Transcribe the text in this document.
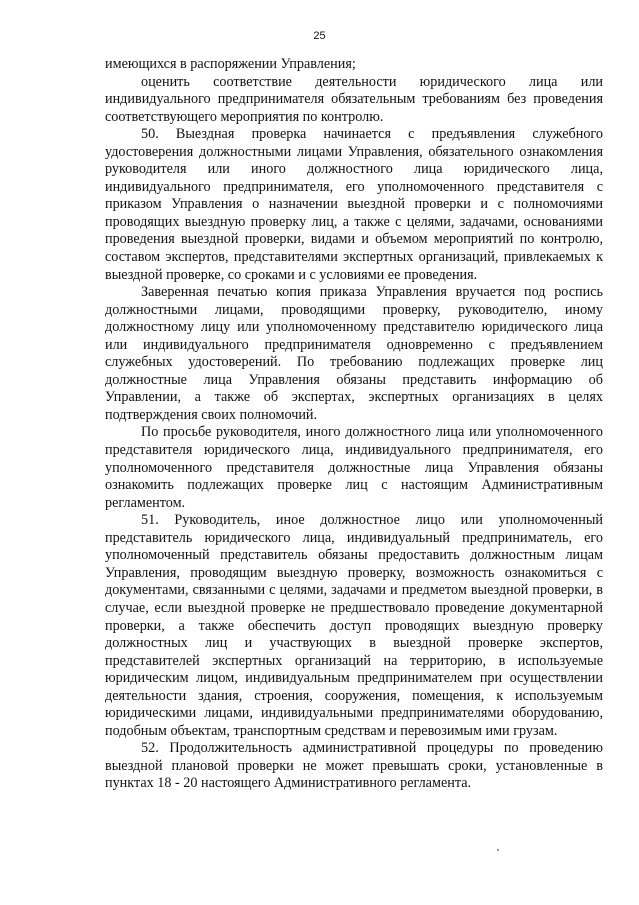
25

имеющихся в распоряжении Управления;

оценить соответствие деятельности юридического лица или индивидуального предпринимателя обязательным требованиям без проведения соответствующего мероприятия по контролю.

50. Выездная проверка начинается с предъявления служебного удостоверения должностными лицами Управления, обязательного ознакомления руководителя или иного должностного лица юридического лица, индивидуального предпринимателя, его уполномоченного представителя с приказом Управления о назначении выездной проверки и с полномочиями проводящих выездную проверку лиц, а также с целями, задачами, основаниями проведения выездной проверки, видами и объемом мероприятий по контролю, составом экспертов, представителями экспертных организаций, привлекаемых к выездной проверке, со сроками и с условиями ее проведения.

Заверенная печатью копия приказа Управления вручается под роспись должностными лицами, проводящими проверку, руководителю, иному должностному лицу или уполномоченному представителю юридического лица или индивидуального предпринимателя одновременно с предъявлением служебных удостоверений. По требованию подлежащих проверке лиц должностные лица Управления обязаны представить информацию об Управлении, а также об экспертах, экспертных организациях в целях подтверждения своих полномочий.

По просьбе руководителя, иного должностного лица или уполномоченного представителя юридического лица, индивидуального предпринимателя, его уполномоченного представителя должностные лица Управления обязаны ознакомить подлежащих проверке лиц с настоящим Административным регламентом.

51. Руководитель, иное должностное лицо или уполномоченный представитель юридического лица, индивидуальный предприниматель, его уполномоченный представитель обязаны предоставить должностным лицам Управления, проводящим выездную проверку, возможность ознакомиться с документами, связанными с целями, задачами и предметом выездной проверки, в случае, если выездной проверке не предшествовало проведение документарной проверки, а также обеспечить доступ проводящих выездную проверку должностных лиц и участвующих в выездной проверке экспертов, представителей экспертных организаций на территорию, в используемые юридическим лицом, индивидуальным предпринимателем при осуществлении деятельности здания, строения, сооружения, помещения, к используемым юридическими лицами, индивидуальными предпринимателями оборудованию, подобным объектам, транспортным средствам и перевозимым ими грузам.

52. Продолжительность административной процедуры по проведению выездной плановой проверки не может превышать сроки, установленные в пунктах 18 - 20 настоящего Административного регламента.
